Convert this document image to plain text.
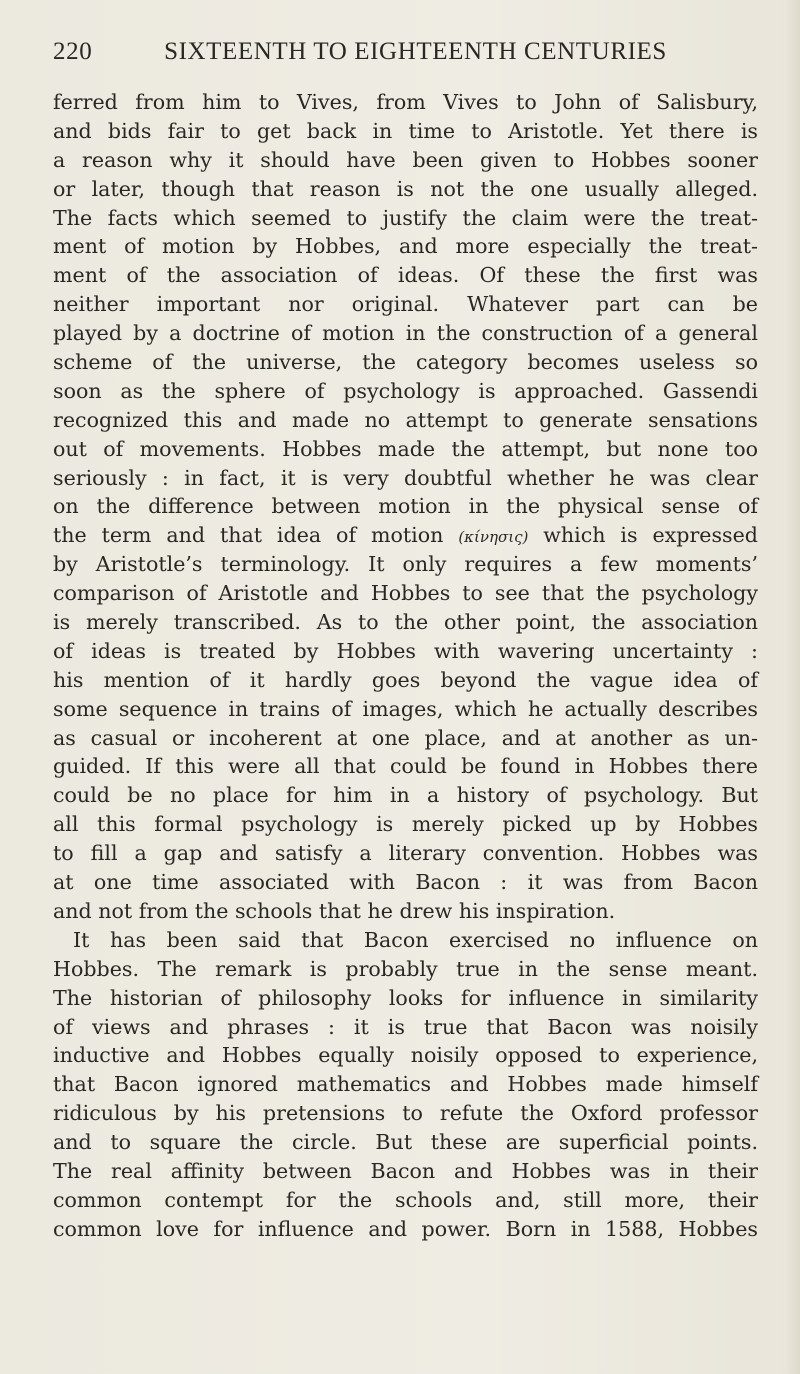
220	SIXTEENTH TO EIGHTEENTH CENTURIES
ferred from him to Vives, from Vives to John of Salisbury,
and bids fair to get back in time to Aristotle. Yet there is
a reason why it should have been given to Hobbes sooner
or later, though that reason is not the one usually alleged.
The facts which seemed to justify the claim were the treat-
ment of motion by Hobbes, and more especially the treat-
ment of the association of ideas. Of these the first was
neither important nor original. Whatever part can be
played by a doctrine of motion in the construction of a general
scheme of the universe, the category becomes useless so
soon as the sphere of psychology is approached. Gassendi
recognized this and made no attempt to generate sensations
out of movements. Hobbes made the attempt, but none too
seriously : in fact, it is very doubtful whether he was clear
on the difference between motion in the physical sense of
the term and that idea of motion (κίνησις) which is expressed
by Aristotle’s terminology. It only requires a few moments’
comparison of Aristotle and Hobbes to see that the psychology
is merely transcribed. As to the other point, the association
of ideas is treated by Hobbes with wavering uncertainty :
his mention of it hardly goes beyond the vague idea of
some sequence in trains of images, which he actually describes
as casual or incoherent at one place, and at another as un-
guided. If this were all that could be found in Hobbes there
could be no place for him in a history of psychology. But
all this formal psychology is merely picked up by Hobbes
to fill a gap and satisfy a literary convention. Hobbes was
at one time associated with Bacon : it was from Bacon
and not from the schools that he drew his inspiration.
It has been said that Bacon exercised no influence on
Hobbes. The remark is probably true in the sense meant.
The historian of philosophy looks for influence in similarity
of views and phrases : it is true that Bacon was noisily
inductive and Hobbes equally noisily opposed to experience,
that Bacon ignored mathematics and Hobbes made himself
ridiculous by his pretensions to refute the Oxford professor
and to square the circle. But these are superficial points.
The real affinity between Bacon and Hobbes was in their
common contempt for the schools and, still more, their
common love for influence and power. Born in 1588, Hobbes
